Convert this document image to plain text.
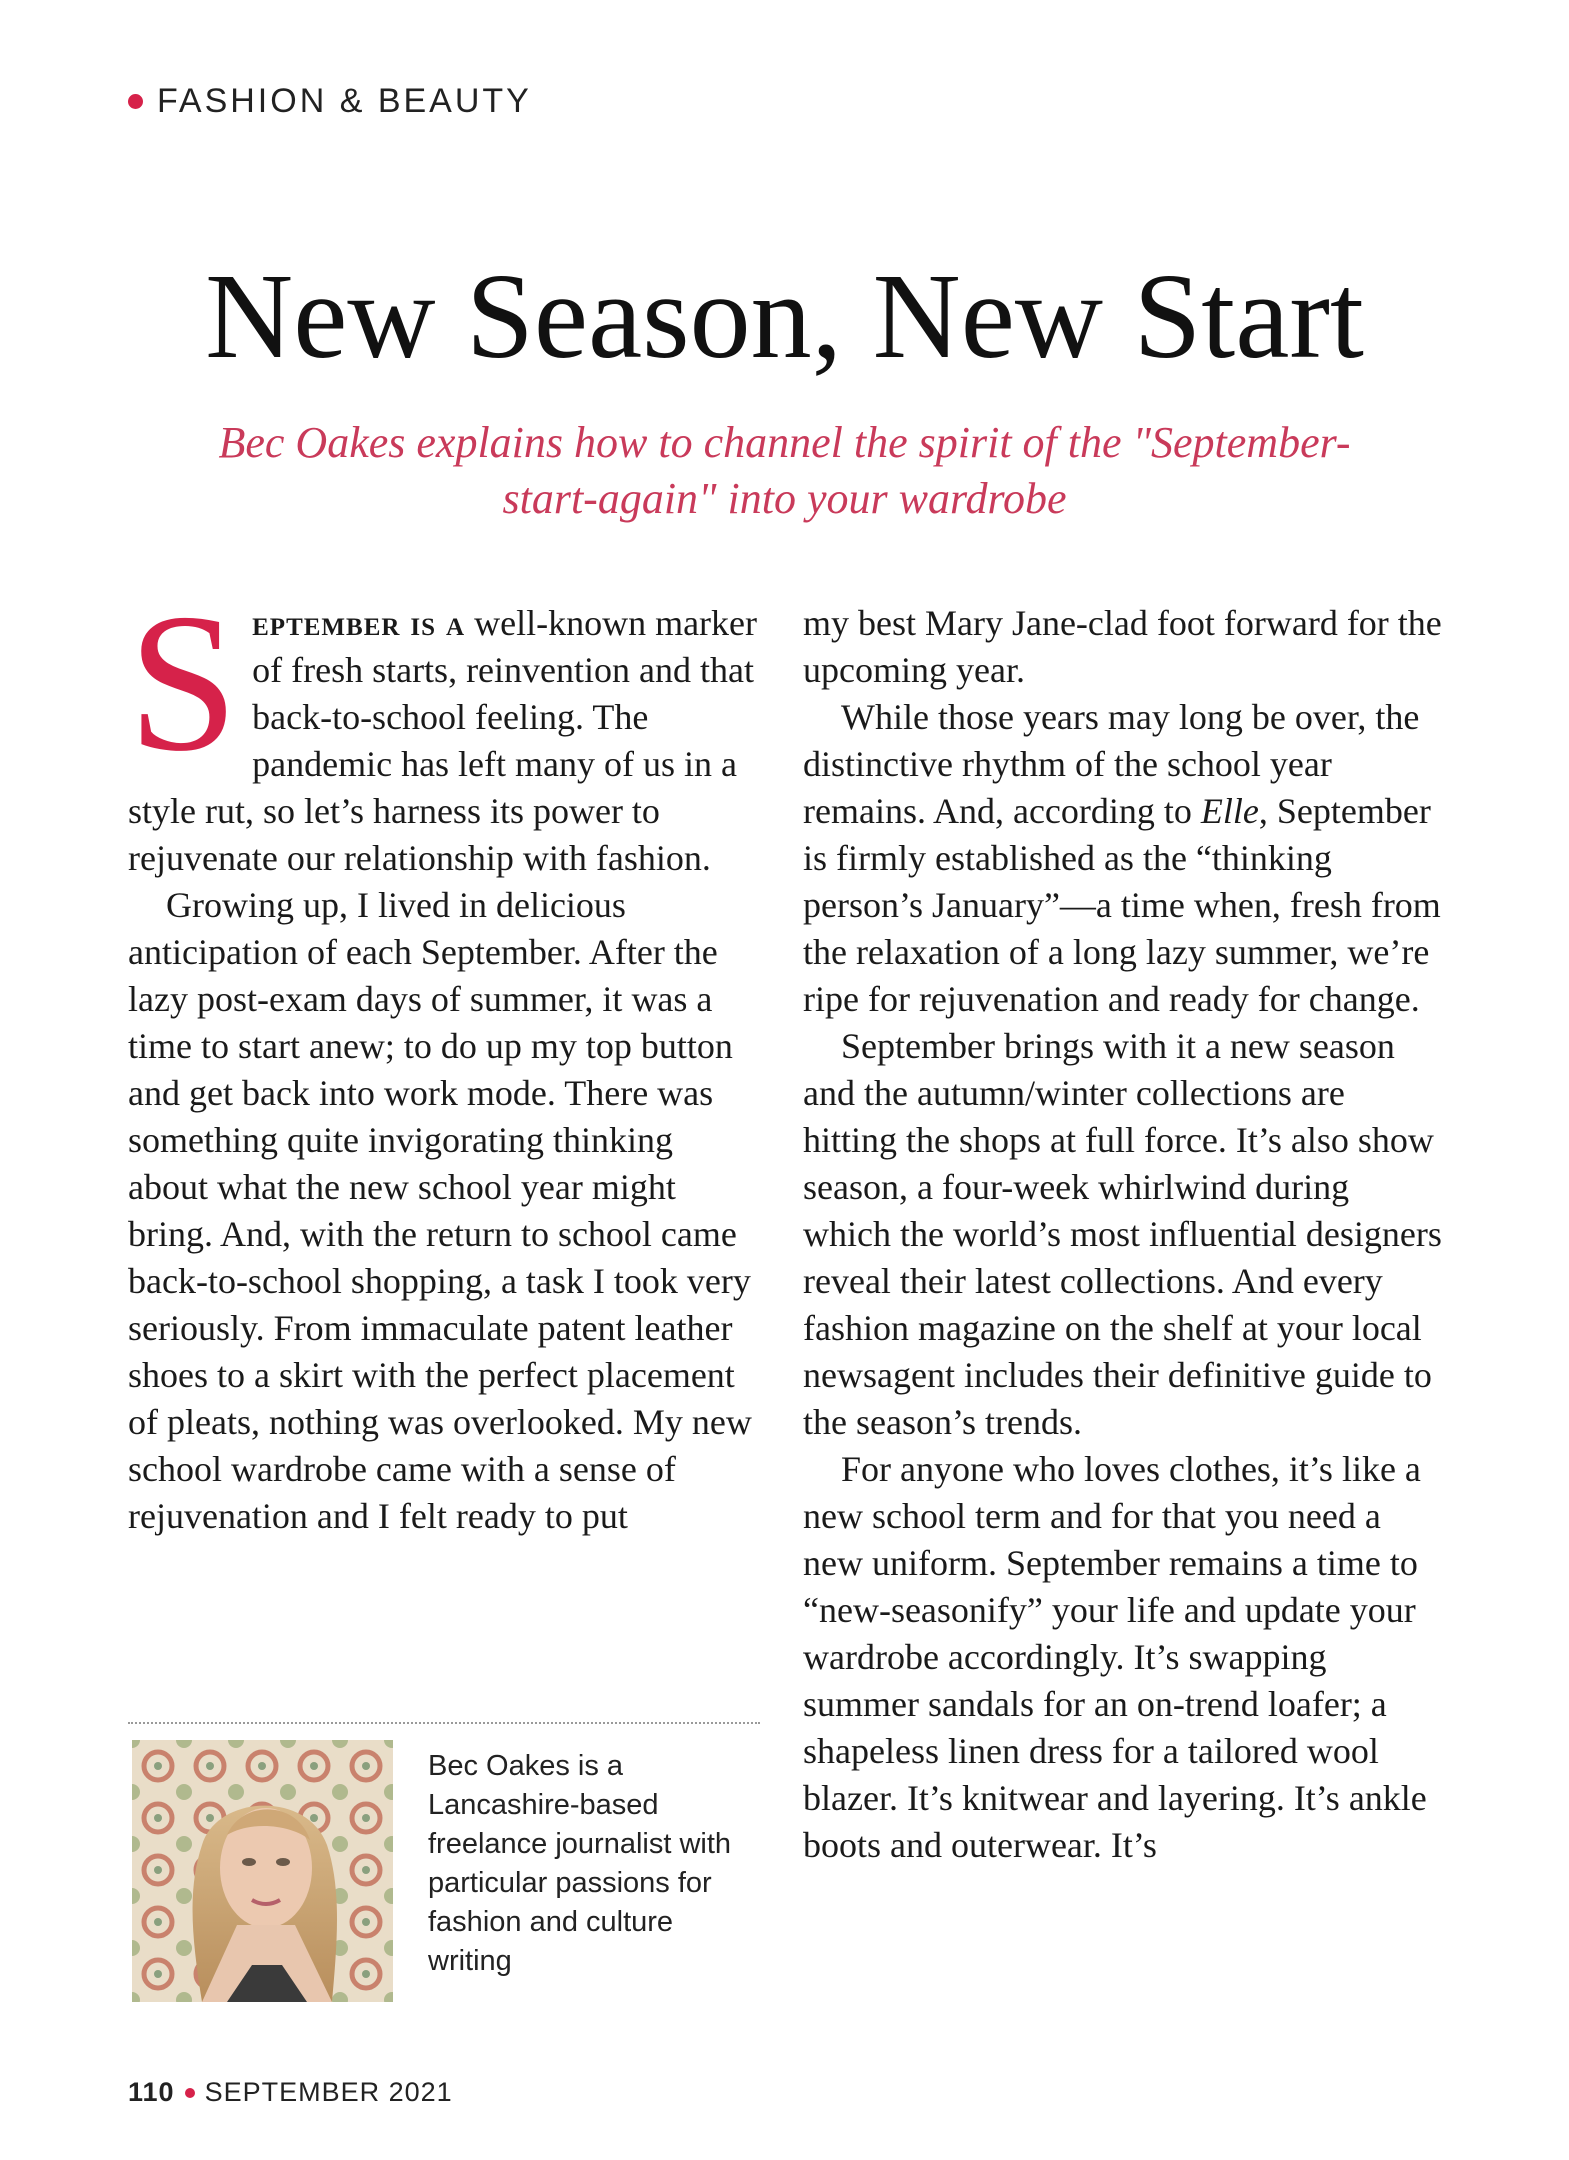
FASHION & BEAUTY
New Season, New Start

Bec Oakes explains how to channel the spirit of the "September-start-again" into your wardrobe

September is a well-known marker of fresh starts, reinvention and that back-to-school feeling. The pandemic has left many of us in a style rut, so let’s harness its power to rejuvenate our relationship with fashion.

Growing up, I lived in delicious anticipation of each September. After the lazy post-exam days of summer, it was a time to start anew; to do up my top button and get back into work mode. There was something quite invigorating thinking about what the new school year might bring. And, with the return to school came back-to-school shopping, a task I took very seriously. From immaculate patent leather shoes to a skirt with the perfect placement of pleats, nothing was overlooked. My new school wardrobe came with a sense of rejuvenation and I felt ready to put

Bec Oakes is a Lancashire-based freelance journalist with particular passions for fashion and culture writing

my best Mary Jane-clad foot forward for the upcoming year.

While those years may long be over, the distinctive rhythm of the school year remains. And, according to Elle, September is firmly established as the “thinking person’s January”—a time when, fresh from the relaxation of a long lazy summer, we’re ripe for rejuvenation and ready for change.

September brings with it a new season and the autumn/winter collections are hitting the shops at full force. It’s also show season, a four-week whirlwind during which the world’s most influential designers reveal their latest collections. And every fashion magazine on the shelf at your local newsagent includes their definitive guide to the season’s trends.

For anyone who loves clothes, it’s like a new school term and for that you need a new uniform. September remains a time to “new-seasonify” your life and update your wardrobe accordingly. It’s swapping summer sandals for an on-trend loafer; a shapeless linen dress for a tailored wool blazer. It’s knitwear and layering. It’s ankle boots and outerwear. It’s

110 SEPTEMBER 2021
